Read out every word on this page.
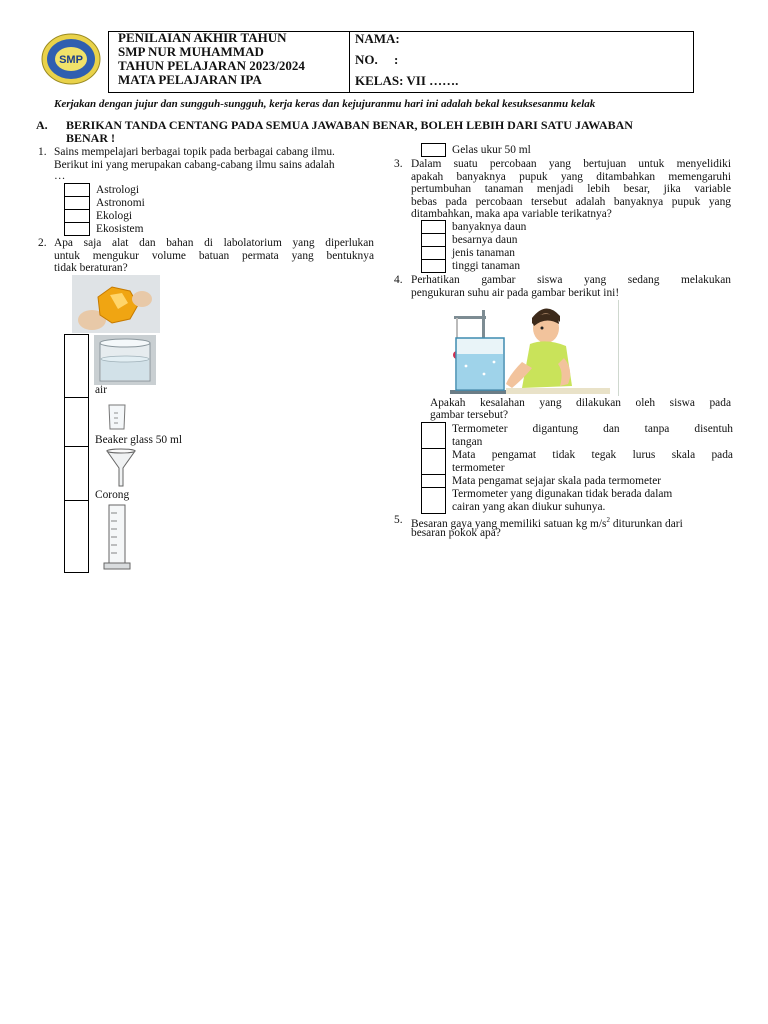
SMP
PENILAIAN AKHIR TAHUN
SMP NUR MUHAMMAD
TAHUN PELAJARAN 2023/2024
MATA PELAJARAN IPA
NAMA:
NO.     :
KELAS: VII …….
Kerjakan dengan jujur dan sungguh-sungguh, kerja keras dan kejujuranmu hari ini adalah bekal kesuksesanmu kelak
A. BERIKAN TANDA CENTANG PADA SEMUA JAWABAN BENAR, BOLEH LEBIH DARI SATU JAWABAN
BENAR !
1. Sains mempelajari berbagai topik pada berbagai cabang ilmu.
Berikut ini yang merupakan cabang-cabang ilmu sains adalah
…
Astrologi
Astronomi
Ekologi
Ekosistem
2. Apa saja alat dan bahan di labolatorium yang diperlukan
untuk mengukur volume batuan permata yang bentuknya
tidak beraturan?
air
Beaker glass 50 ml
Corong
Gelas ukur 50 ml
3. Dalam suatu percobaan yang bertujuan untuk menyelidiki
apakah banyaknya pupuk yang ditambahkan memengaruhi
pertumbuhan tanaman menjadi lebih besar, jika variable
bebas pada percobaan tersebut adalah banyaknya pupuk yang
ditambahkan, maka apa variable terikatnya?
banyaknya daun
besarnya daun
jenis tanaman
tinggi tanaman
4. Perhatikan gambar siswa yang sedang melakukan
pengukuran suhu air pada gambar berikut ini!
Apakah kesalahan yang dilakukan oleh siswa pada
gambar tersebut?
Termometer digantung dan tanpa disentuh
tangan
Mata pengamat tidak tegak lurus skala pada
termometer
Mata pengamat sejajar skala pada termometer
Termometer yang digunakan tidak berada dalam
cairan yang akan diukur suhunya.
5. Besaran gaya yang memiliki satuan kg $m/s^2$ diturunkan dari
besaran pokok apa?
